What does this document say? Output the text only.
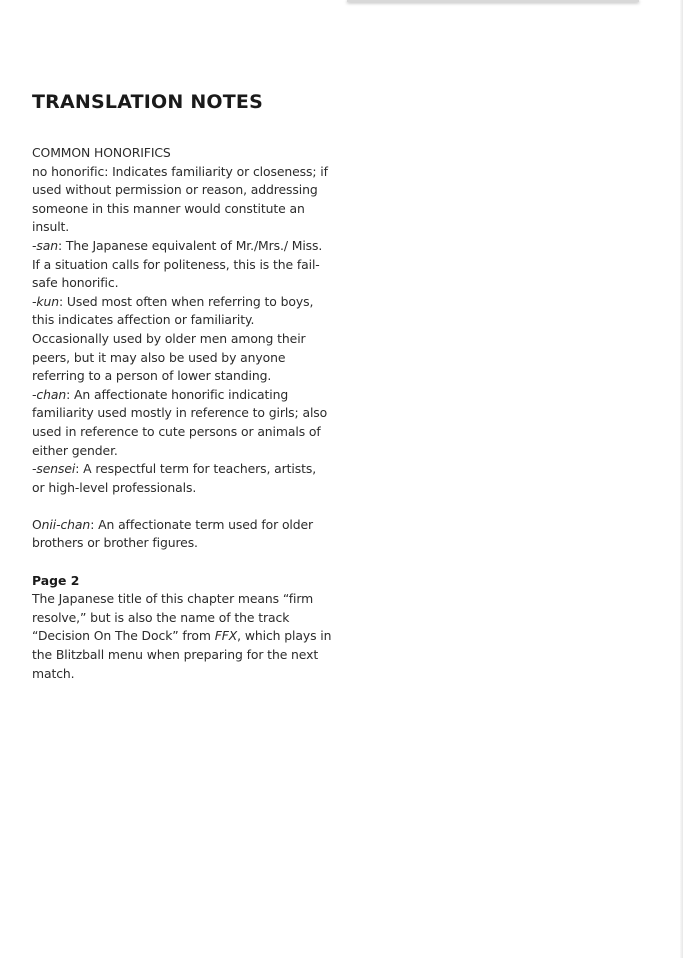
TRANSLATION NOTES

COMMON HONORIFICS

no honorific: Indicates familiarity or closeness; if used without permission or reason, addressing someone in this manner would constitute an insult.

-san: The Japanese equivalent of Mr./Mrs./ Miss. If a situation calls for politeness, this is the fail-safe honorific.

-kun: Used most often when referring to boys, this indicates affection or familiarity. Occasionally used by older men among their peers, but it may also be used by anyone referring to a person of lower standing.

-chan: An affectionate honorific indicating familiarity used mostly in reference to girls; also used in reference to cute persons or animals of either gender.

-sensei: A respectful term for teachers, artists, or high-level professionals.

Onii-chan: An affectionate term used for older brothers or brother figures.

Page 2

The Japanese title of this chapter means “firm resolve,” but is also the name of the track “Decision On The Dock” from FFX, which plays in the Blitzball menu when preparing for the next match.
